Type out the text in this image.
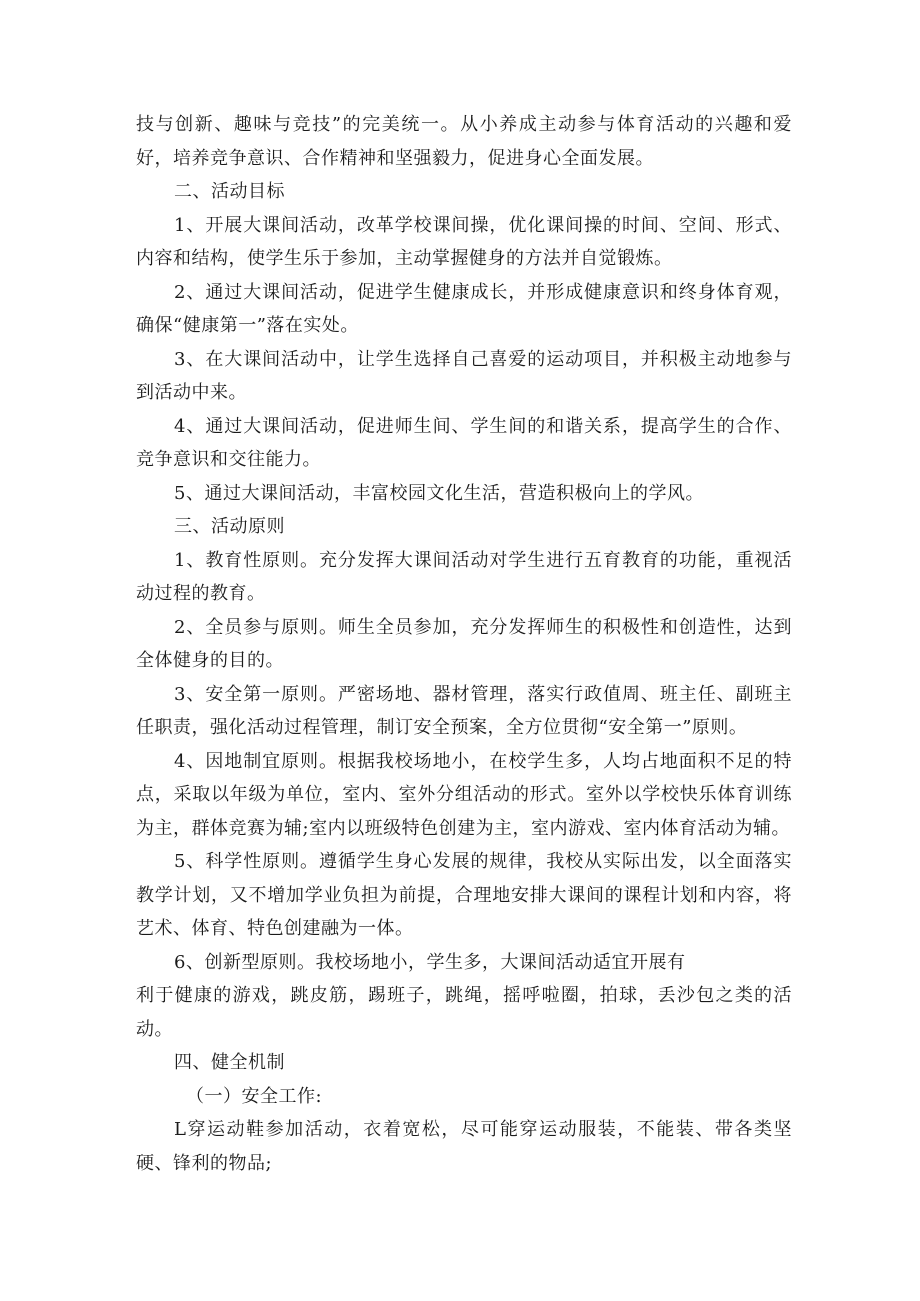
技与创新、趣味与竞技”的完美统一。从小养成主动参与体育活动的兴趣和爱好，培养竞争意识、合作精神和坚强毅力，促进身心全面发展。

二、活动目标

1、开展大课间活动，改革学校课间操，优化课间操的时间、空间、形式、内容和结构，使学生乐于参加，主动掌握健身的方法并自觉锻炼。

2、通过大课间活动，促进学生健康成长，并形成健康意识和终身体育观，确保“健康第一”落在实处。

3、在大课间活动中，让学生选择自己喜爱的运动项目，并积极主动地参与到活动中来。

4、通过大课间活动，促进师生间、学生间的和谐关系，提高学生的合作、竞争意识和交往能力。

5、通过大课间活动，丰富校园文化生活，营造积极向上的学风。

三、活动原则

1、教育性原则。充分发挥大课间活动对学生进行五育教育的功能，重视活动过程的教育。

2、全员参与原则。师生全员参加，充分发挥师生的积极性和创造性，达到全体健身的目的。

3、安全第一原则。严密场地、器材管理，落实行政值周、班主任、副班主任职责，强化活动过程管理，制订安全预案，全方位贯彻“安全第一”原则。

4、因地制宜原则。根据我校场地小，在校学生多，人均占地面积不足的特点，采取以年级为单位，室内、室外分组活动的形式。室外以学校快乐体育训练为主，群体竞赛为辅;室内以班级特色创建为主，室内游戏、室内体育活动为辅。

5、科学性原则。遵循学生身心发展的规律，我校从实际出发，以全面落实教学计划，又不增加学业负担为前提，合理地安排大课间的课程计划和内容，将艺术、体育、特色创建融为一体。

6、创新型原则。我校场地小，学生多，大课间活动适宜开展有

利于健康的游戏，跳皮筋，踢班子，跳绳，摇呼啦圈，拍球，丢沙包之类的活动。

四、健全机制

（一）安全工作:

L穿运动鞋参加活动，衣着宽松，尽可能穿运动服装，不能装、带各类坚硬、锋利的物品;
